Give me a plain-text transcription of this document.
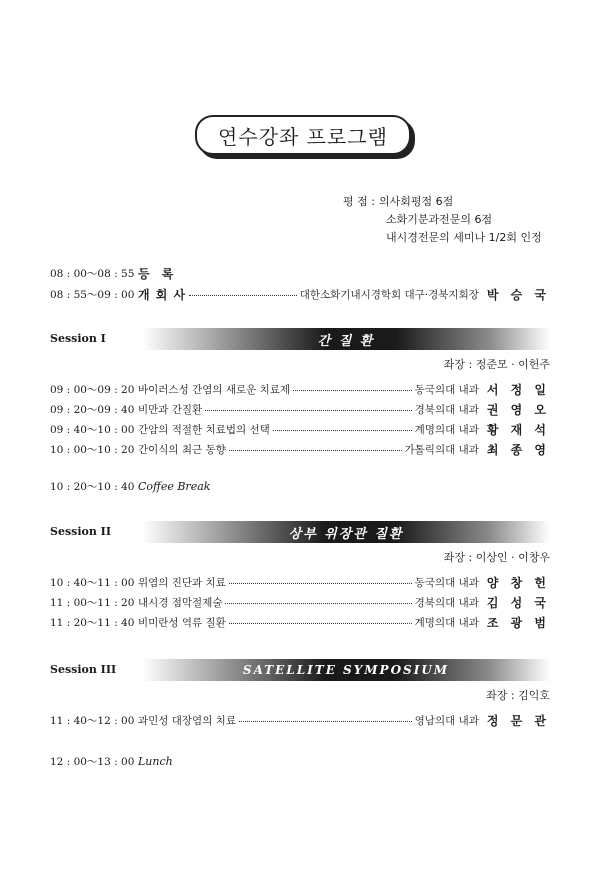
연수강좌 프로그램
평 점 : 의사회평점 6점
소화기분과전문의 6점
내시경전문의 세미나 1/2회 인정
08 : 00～08 : 55 등 록
08 : 55～09 : 00 개 회 사	대한소화기내시경학회 대구·경북지회장 박 승 국
Session I	간 질 환
좌장 : 정준모 · 이헌주
09 : 00～09 : 20 바이러스성 간염의 새로운 치료제	동국의대 내과 서 정 일
09 : 20～09 : 40 비만과 간질환	경북의대 내과 권 영 오
09 : 40～10 : 00 간암의 적절한 치료법의 선택	계명의대 내과 황 재 석
10 : 00～10 : 20 간이식의 최근 동향	가톨릭의대 내과 최 종 영
10 : 20～10 : 40 Coffee Break
Session II	상부 위장관 질환
좌장 : 이상인 · 이창우
10 : 40～11 : 00 위염의 진단과 치료	동국의대 내과 양 창 헌
11 : 00～11 : 20 내시경 점막절제술	경북의대 내과 김 성 국
11 : 20～11 : 40 비미란성 역류 질환	계명의대 내과 조 광 범
Session III	SATELLITE SYMPOSIUM
좌장 : 김익호
11 : 40～12 : 00 과민성 대장염의 치료	영남의대 내과 정 문 관
12 : 00～13 : 00 Lunch
